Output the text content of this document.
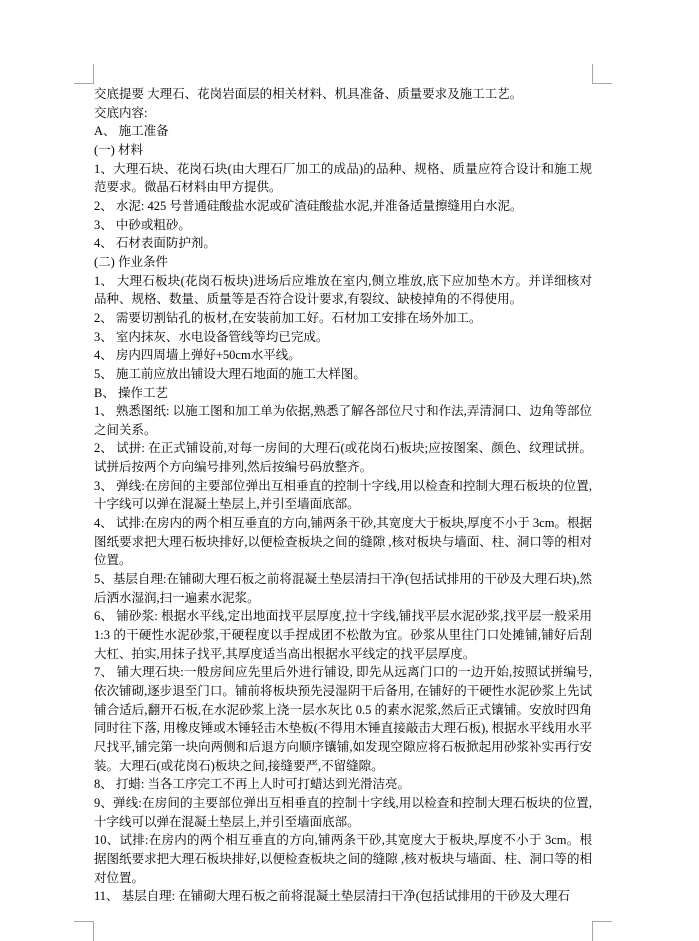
交底提要 大理石、花岗岩面层的相关材料、机具准备、质量要求及施工工艺。

交底内容:

A、 施工准备

(一) 材料

1、大理石块、花岗石块(由大理石厂加工的成品)的品种、规格、质量应符合设计和施工规范要求。微晶石材料由甲方提供。

2、 水泥: 425 号普通硅酸盐水泥或矿渣硅酸盐水泥,并准备适量擦缝用白水泥。

3、 中砂或粗砂。

4、 石材表面防护剂。

(二) 作业条件

1、 大理石板块(花岗石板块)进场后应堆放在室内,侧立堆放,底下应加垫木方。并详细核对品种、规格、数量、质量等是否符合设计要求,有裂纹、缺棱掉角的不得使用。

2、 需要切割钻孔的板材,在安装前加工好。石材加工安排在场外加工。

3、 室内抹灰、水电设备管线等均已完成。

4、 房内四周墙上弹好+50cm水平线。

5、 施工前应放出铺设大理石地面的施工大样图。

B、 操作工艺

1、 熟悉图纸: 以施工图和加工单为依据,熟悉了解各部位尺寸和作法,弄清洞口、边角等部位之间关系。

2、 试拼: 在正式铺设前,对每一房间的大理石(或花岗石)板块;应按图案、颜色、纹理试拼。试拼后按两个方向编号排列,然后按编号码放整齐。

3、 弹线:在房间的主要部位弹出互相垂直的控制十字线,用以检查和控制大理石板块的位置,十字线可以弹在混凝土垫层上,并引至墙面底部。

4、 试排:在房内的两个相互垂直的方向,铺两条干砂,其宽度大于板块,厚度不小于 3cm。根据图纸要求把大理石板块排好,以便检查板块之间的缝隙 ,核对板块与墙面、柱、洞口等的相对位置。

5、基层自理:在铺砌大理石板之前将混凝土垫层清扫干净(包括试排用的干砂及大理石块),然后洒水湿润,扫一遍素水泥浆。

6、 铺砂浆: 根据水平线,定出地面找平层厚度,拉十字线,铺找平层水泥砂浆,找平层一般采用 1:3 的干硬性水泥砂浆,干硬程度以手捏成团不松散为宜。砂浆从里往门口处摊铺,铺好后刮大杠、拍实,用抹子找平,其厚度适当高出根据水平线定的找平层厚度。

7、 铺大理石块:一般房间应先里后外进行铺设, 即先从远离门口的一边开始,按照试拼编号,依次铺砌,逐步退至门口。铺前将板块预先浸湿阴干后备用, 在铺好的干硬性水泥砂浆上先试铺合适后,翻开石板,在水泥砂浆上浇一层水灰比 0.5 的素水泥浆,然后正式镶铺。安放时四角同时往下落, 用橡皮锤或木锤轻击木垫板(不得用木锤直接敲击大理石板), 根据水平线用水平尺找平,铺完第一块向两侧和后退方向顺序镶铺,如发现空隙应将石板掀起用砂浆补实再行安装。大理石(或花岗石)板块之间,接缝要严,不留缝隙。

8、 打蜡: 当各工序完工不再上人时可打蜡达到光滑洁亮。

9、弹线:在房间的主要部位弹出互相垂直的控制十字线,用以检查和控制大理石板块的位置,十字线可以弹在混凝土垫层上,并引至墙面底部。

10、试排:在房内的两个相互垂直的方向,铺两条干砂,其宽度大于板块,厚度不小于 3cm。根据图纸要求把大理石板块排好,以便检查板块之间的缝隙 ,核对板块与墙面、柱、洞口等的相对位置。

11、 基层自理: 在铺砌大理石板之前将混凝土垫层清扫干净(包括试排用的干砂及大理石
